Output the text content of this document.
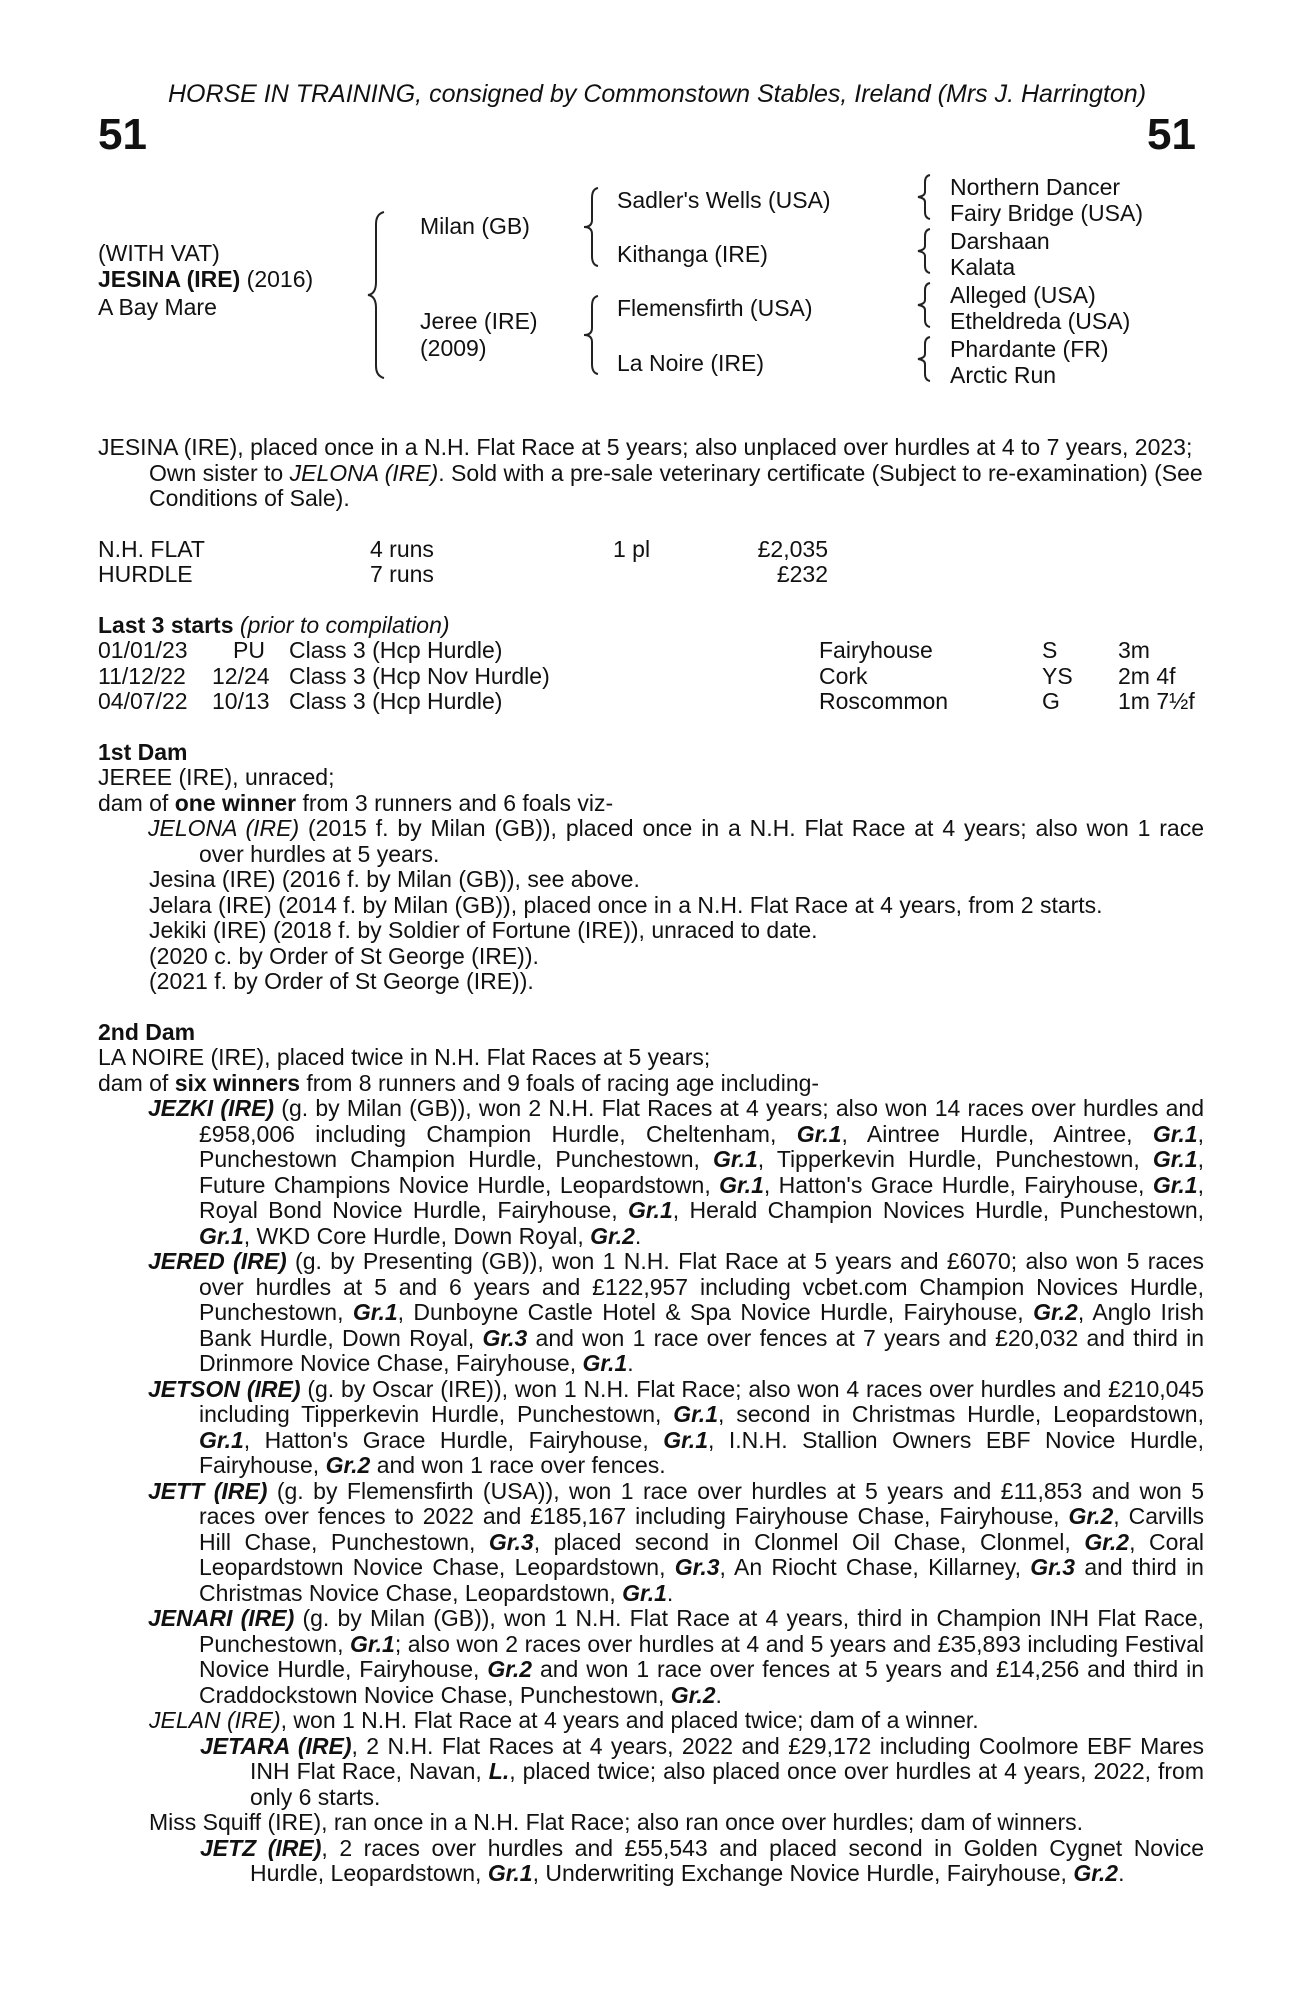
HORSE IN TRAINING, consigned by Commonstown Stables, Ireland (Mrs J. Harrington)
51	51
(WITH VAT)
JESINA (IRE) (2016)
A Bay Mare
Milan (GB)
Jeree (IRE)
(2009)
Sadler's Wells (USA)
Kithanga (IRE)
Flemensfirth (USA)
La Noire (IRE)
Northern Dancer
Fairy Bridge (USA)
Darshaan
Kalata
Alleged (USA)
Etheldreda (USA)
Phardante (FR)
Arctic Run

JESINA (IRE), placed once in a N.H. Flat Race at 5 years; also unplaced over hurdles at 4 to 7 years, 2023; Own sister to JELONA (IRE). Sold with a pre-sale veterinary certificate (Subject to re-examination) (See Conditions of Sale).

N.H. FLAT	4 runs	1 pl	£2,035
HURDLE	7 runs	£232

Last 3 starts (prior to compilation)

01/01/23 PU Class 3 (Hcp Hurdle)	Fairyhouse	S	3m
11/12/22 12/24 Class 3 (Hcp Nov Hurdle)	Cork	YS 2m 4f
04/07/22 10/13 Class 3 (Hcp Hurdle)	Roscommon	G	1m 7½f

1st Dam

JEREE (IRE), unraced;

dam of one winner from 3 runners and 6 foals viz-

JELONA (IRE) (2015 f. by Milan (GB)), placed once in a N.H. Flat Race at 4 years; also won 1 race over hurdles at 5 years.

Jesina (IRE) (2016 f. by Milan (GB)), see above.

Jelara (IRE) (2014 f. by Milan (GB)), placed once in a N.H. Flat Race at 4 years, from 2 starts.

Jekiki (IRE) (2018 f. by Soldier of Fortune (IRE)), unraced to date.

(2020 c. by Order of St George (IRE)).

(2021 f. by Order of St George (IRE)).

2nd Dam

LA NOIRE (IRE), placed twice in N.H. Flat Races at 5 years;

dam of six winners from 8 runners and 9 foals of racing age including-

JEZKI (IRE) (g. by Milan (GB)), won 2 N.H. Flat Races at 4 years; also won 14 races over hurdles and £958,006 including Champion Hurdle, Cheltenham, Gr.1, Aintree Hurdle, Aintree, Gr.1, Punchestown Champion Hurdle, Punchestown, Gr.1, Tipperkevin Hurdle, Punchestown, Gr.1, Future Champions Novice Hurdle, Leopardstown, Gr.1, Hatton's Grace Hurdle, Fairyhouse, Gr.1, Royal Bond Novice Hurdle, Fairyhouse, Gr.1, Herald Champion Novices Hurdle, Punchestown, Gr.1, WKD Core Hurdle, Down Royal, Gr.2.

JERED (IRE) (g. by Presenting (GB)), won 1 N.H. Flat Race at 5 years and £6070; also won 5 races over hurdles at 5 and 6 years and £122,957 including vcbet.com Champion Novices Hurdle, Punchestown, Gr.1, Dunboyne Castle Hotel & Spa Novice Hurdle, Fairyhouse, Gr.2, Anglo Irish Bank Hurdle, Down Royal, Gr.3 and won 1 race over fences at 7 years and £20,032 and third in Drinmore Novice Chase, Fairyhouse, Gr.1.

JETSON (IRE) (g. by Oscar (IRE)), won 1 N.H. Flat Race; also won 4 races over hurdles and £210,045 including Tipperkevin Hurdle, Punchestown, Gr.1, second in Christmas Hurdle, Leopardstown, Gr.1, Hatton's Grace Hurdle, Fairyhouse, Gr.1, I.N.H. Stallion Owners EBF Novice Hurdle, Fairyhouse, Gr.2 and won 1 race over fences.

JETT (IRE) (g. by Flemensfirth (USA)), won 1 race over hurdles at 5 years and £11,853 and won 5 races over fences to 2022 and £185,167 including Fairyhouse Chase, Fairyhouse, Gr.2, Carvills Hill Chase, Punchestown, Gr.3, placed second in Clonmel Oil Chase, Clonmel, Gr.2, Coral Leopardstown Novice Chase, Leopardstown, Gr.3, An Riocht Chase, Killarney, Gr.3 and third in Christmas Novice Chase, Leopardstown, Gr.1.

JENARI (IRE) (g. by Milan (GB)), won 1 N.H. Flat Race at 4 years, third in Champion INH Flat Race, Punchestown, Gr.1; also won 2 races over hurdles at 4 and 5 years and £35,893 including Festival Novice Hurdle, Fairyhouse, Gr.2 and won 1 race over fences at 5 years and £14,256 and third in Craddockstown Novice Chase, Punchestown, Gr.2.

JELAN (IRE), won 1 N.H. Flat Race at 4 years and placed twice; dam of a winner.

JETARA (IRE), 2 N.H. Flat Races at 4 years, 2022 and £29,172 including Coolmore EBF Mares INH Flat Race, Navan, L., placed twice; also placed once over hurdles at 4 years, 2022, from only 6 starts.

Miss Squiff (IRE), ran once in a N.H. Flat Race; also ran once over hurdles; dam of winners.

JETZ (IRE), 2 races over hurdles and £55,543 and placed second in Golden Cygnet Novice Hurdle, Leopardstown, Gr.1, Underwriting Exchange Novice Hurdle, Fairyhouse, Gr.2.
